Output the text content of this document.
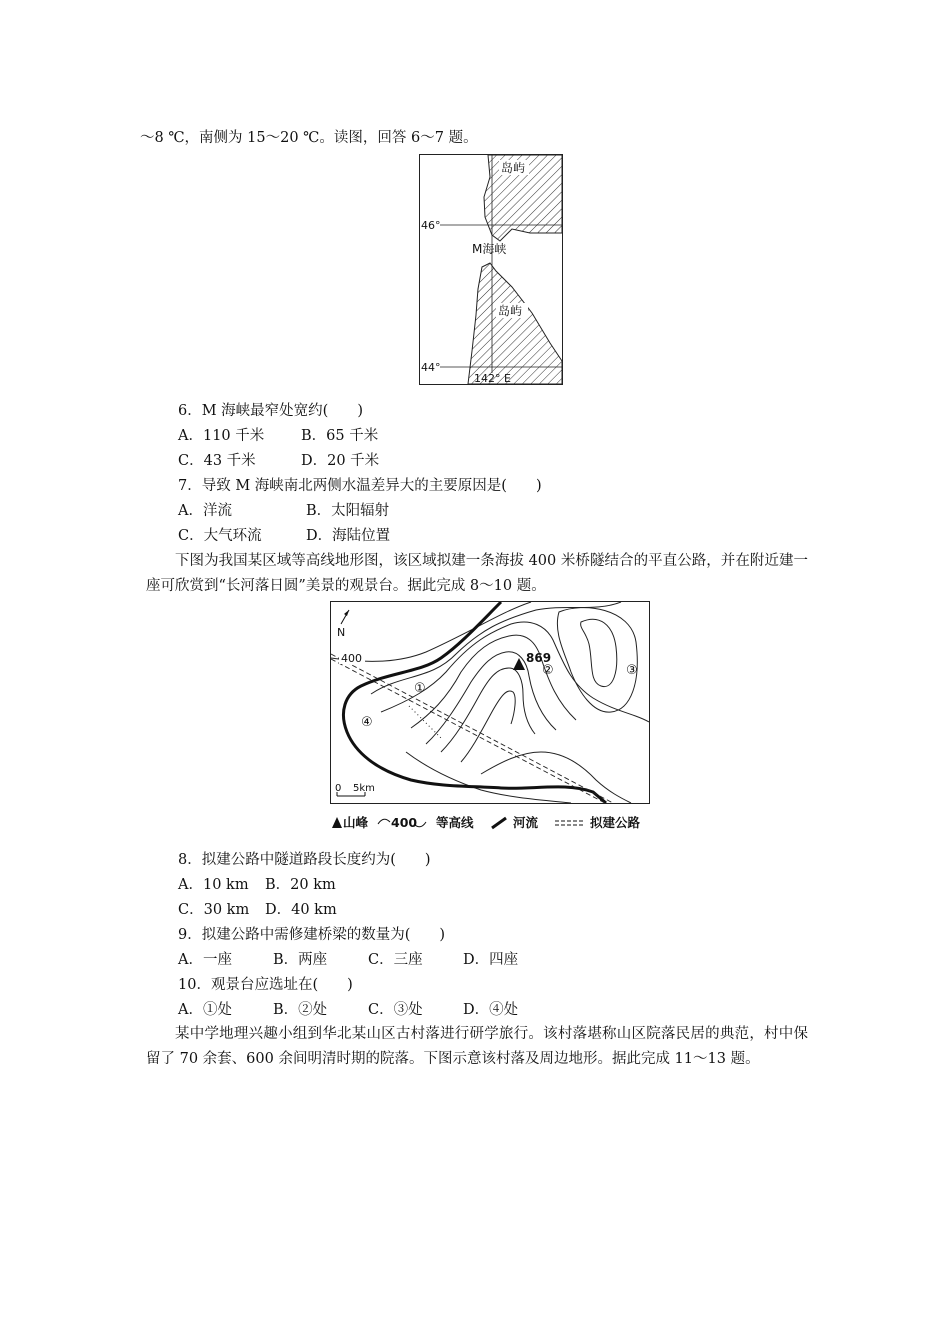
～8 ℃，南侧为 15～20 ℃。读图，回答 6～7 题。
岛屿
岛屿
M海峡
46°
44°
142° E
6．M 海峡最窄处宽约(　　)
A．110 千米	B．65 千米
C．43 千米	D．20 千米
7．导致 M 海峡南北两侧水温差异大的主要原因是(　　)
A．洋流	B．太阳辐射
C．大气环流	D．海陆位置
下图为我国某区域等高线地形图，该区域拟建一条海拔 400 米桥隧结合的平直公路，并在附近建一座可欣赏到“长河落日圆”美景的观景台。据此完成 8～10 题。
869
N
400
①
②	③
④
0 5km
山峰 400 等高线	河流	拟建公路
8．拟建公路中隧道路段长度约为(　　)
A．10 km B．20 km
C．30 km D．40 km
9．拟建公路中需修建桥梁的数量为(　　)
A．一座	B．两座	C．三座	D．四座
10．观景台应选址在(　　)
A．①处	B．②处	C．③处	D．④处
某中学地理兴趣小组到华北某山区古村落进行研学旅行。该村落堪称山区院落民居的典范，村中保留了 70 余套、600 余间明清时期的院落。下图示意该村落及周边地形。据此完成 11～13 题。
